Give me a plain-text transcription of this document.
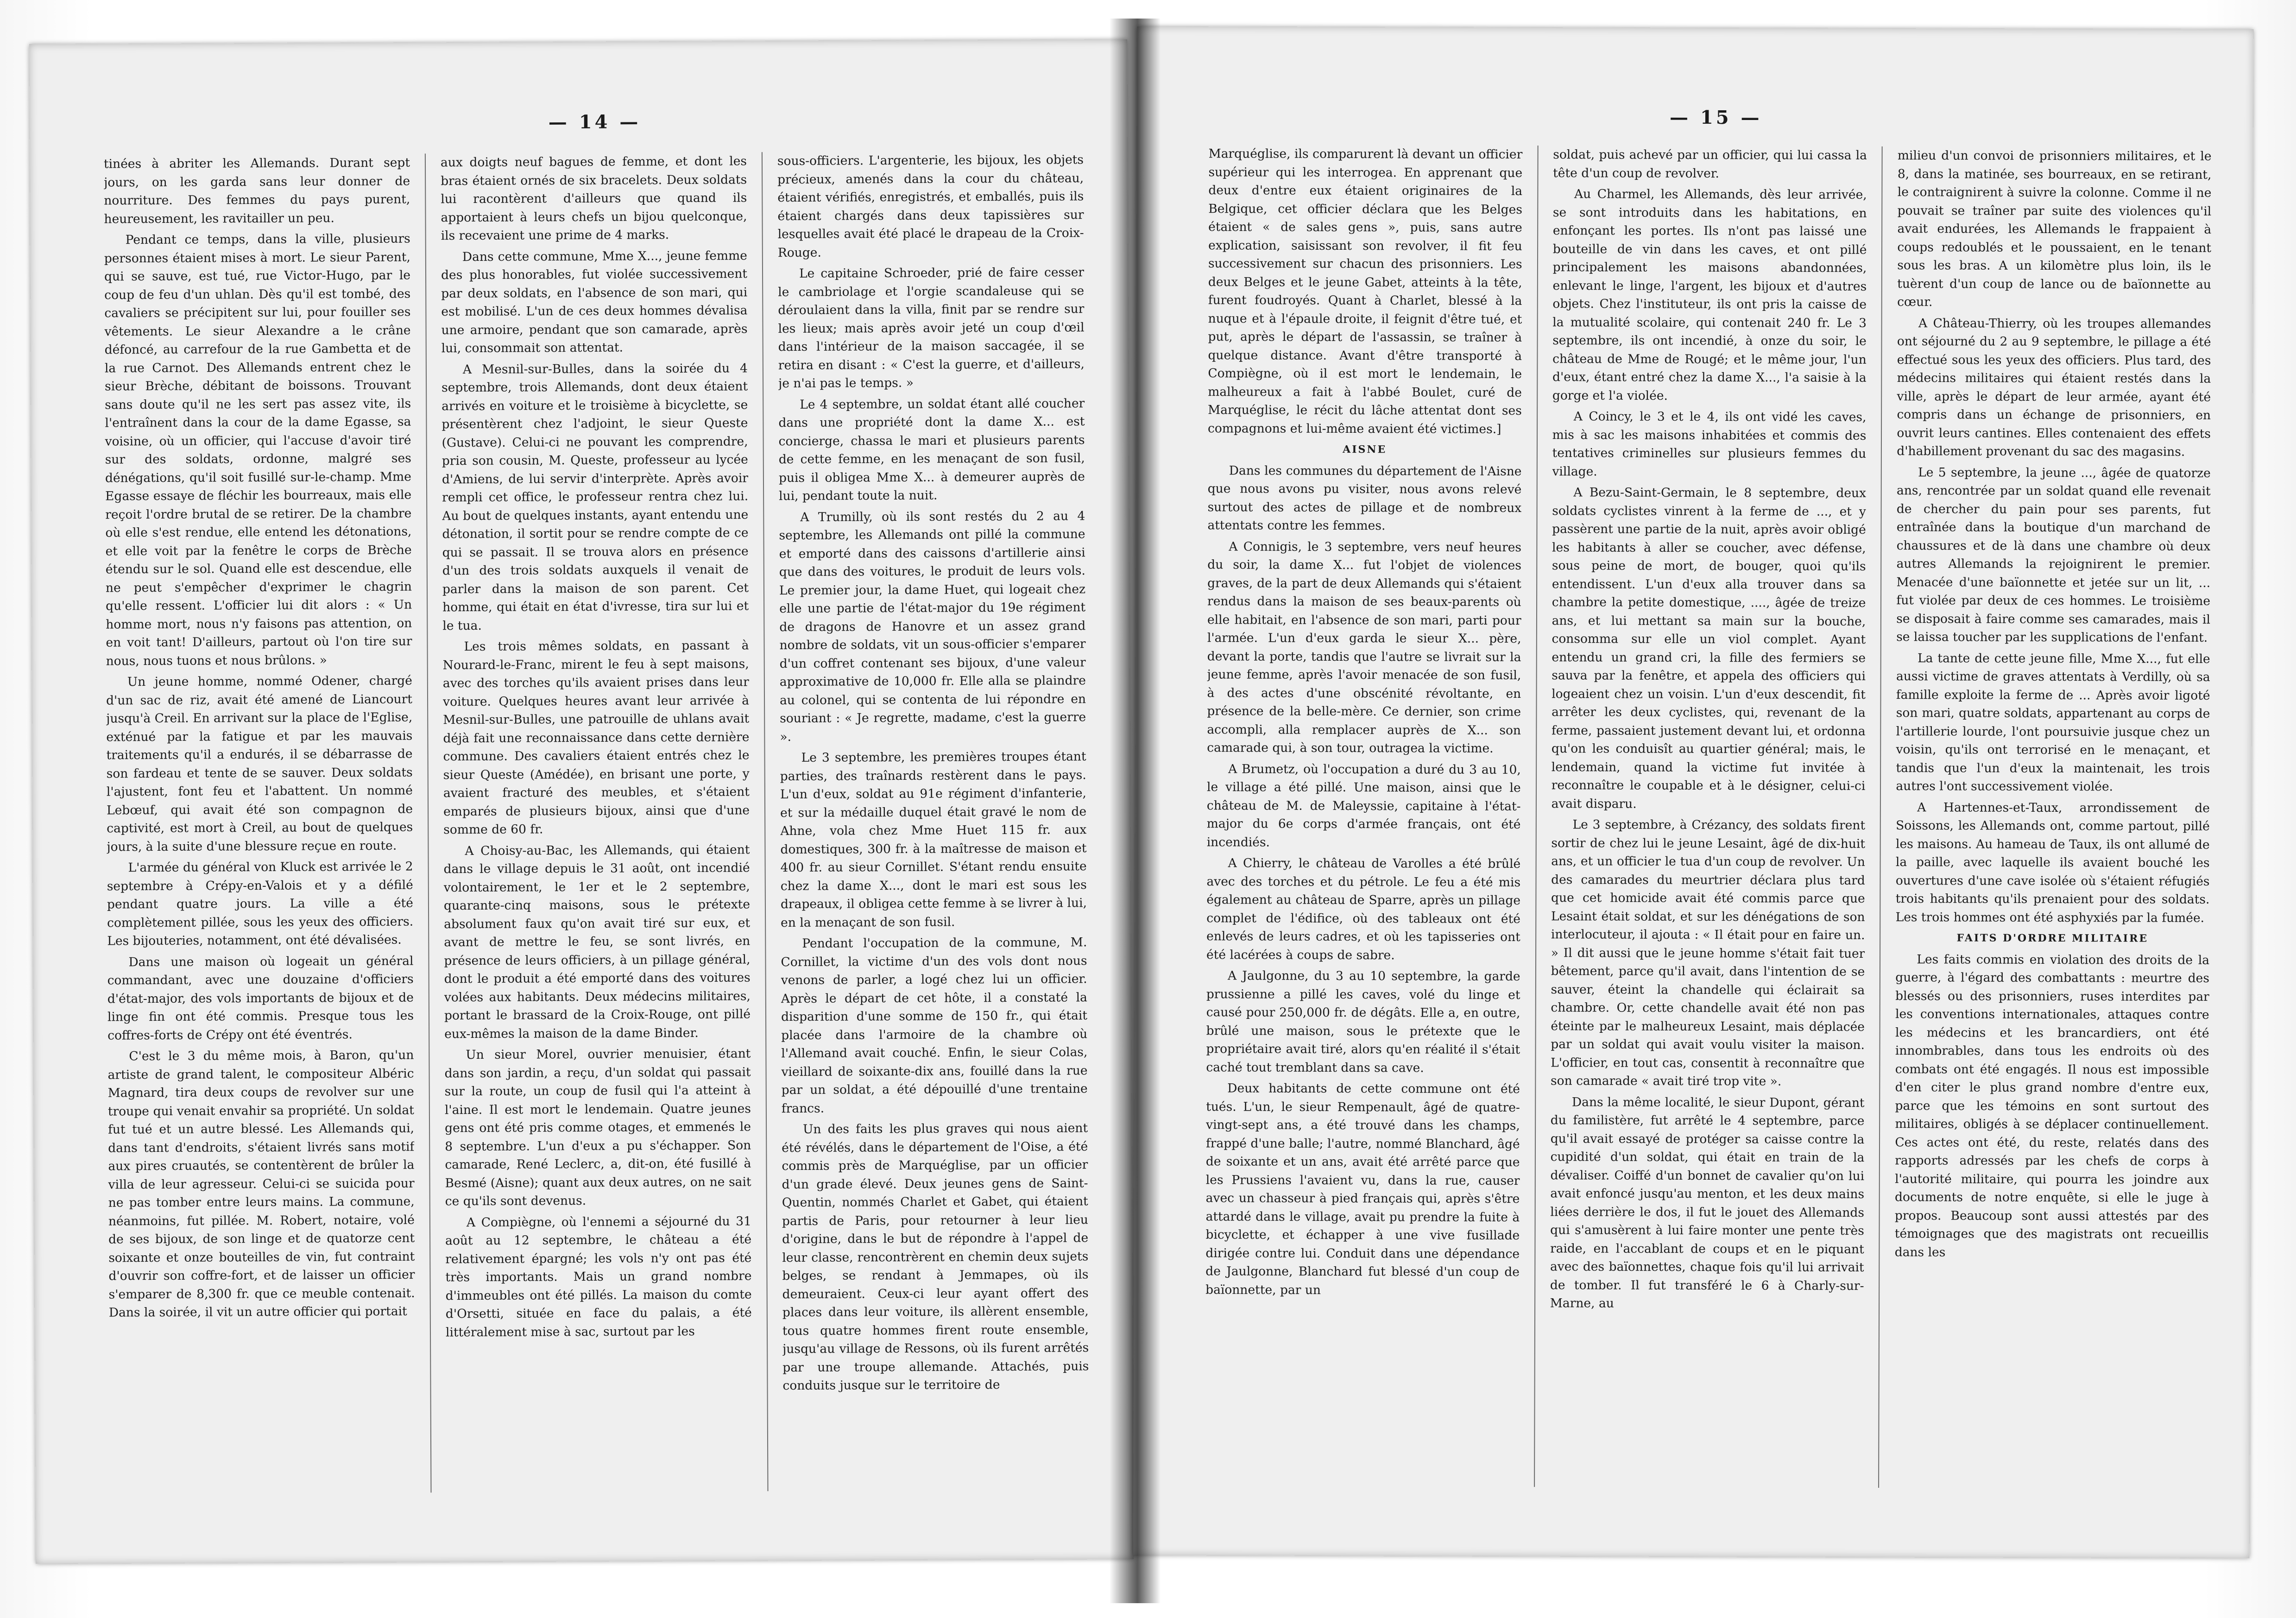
— 14 —

tinées à abriter les Allemands. Durant sept jours, on les garda sans leur donner de nourriture. Des femmes du pays purent, heureusement, les ravitailler un peu.

Pendant ce temps, dans la ville, plusieurs personnes étaient mises à mort. Le sieur Parent, qui se sauve, est tué, rue Victor-Hugo, par le coup de feu d'un uhlan. Dès qu'il est tombé, des cavaliers se précipitent sur lui, pour fouiller ses vêtements. Le sieur Alexandre a le crâne défoncé, au carrefour de la rue Gambetta et de la rue Carnot. Des Allemands entrent chez le sieur Brèche, débitant de boissons. Trouvant sans doute qu'il ne les sert pas assez vite, ils l'entraînent dans la cour de la dame Egasse, sa voisine, où un officier, qui l'accuse d'avoir tiré sur des soldats, ordonne, malgré ses dénégations, qu'il soit fusillé sur-le-champ. Mme Egasse essaye de fléchir les bourreaux, mais elle reçoit l'ordre brutal de se retirer. De la chambre où elle s'est rendue, elle entend les détonations, et elle voit par la fenêtre le corps de Brèche étendu sur le sol. Quand elle est descendue, elle ne peut s'empêcher d'exprimer le chagrin qu'elle ressent. L'officier lui dit alors : « Un homme mort, nous n'y faisons pas attention, on en voit tant! D'ailleurs, partout où l'on tire sur nous, nous tuons et nous brûlons. »

Un jeune homme, nommé Odener, chargé d'un sac de riz, avait été amené de Liancourt jusqu'à Creil. En arrivant sur la place de l'Eglise, exténué par la fatigue et par les mauvais traitements qu'il a endurés, il se débarrasse de son fardeau et tente de se sauver. Deux soldats l'ajustent, font feu et l'abattent. Un nommé Lebœuf, qui avait été son compagnon de captivité, est mort à Creil, au bout de quelques jours, à la suite d'une blessure reçue en route.

L'armée du général von Kluck est arrivée le 2 septembre à Crépy-en-Valois et y a défilé pendant quatre jours. La ville a été complètement pillée, sous les yeux des officiers. Les bijouteries, notamment, ont été dévalisées.

Dans une maison où logeait un général commandant, avec une douzaine d'officiers d'état-major, des vols importants de bijoux et de linge fin ont été commis. Presque tous les coffres-forts de Crépy ont été éventrés.

C'est le 3 du même mois, à Baron, qu'un artiste de grand talent, le compositeur Albéric Magnard, tira deux coups de revolver sur une troupe qui venait envahir sa propriété. Un soldat fut tué et un autre blessé. Les Allemands qui, dans tant d'endroits, s'étaient livrés sans motif aux pires cruautés, se contentèrent de brûler la villa de leur agresseur. Celui-ci se suicida pour ne pas tomber entre leurs mains. La commune, néanmoins, fut pillée. M. Robert, notaire, volé de ses bijoux, de son linge et de quatorze cent soixante et onze bouteilles de vin, fut contraint d'ouvrir son coffre-fort, et de laisser un officier s'emparer de 8,300 fr. que ce meuble contenait. Dans la soirée, il vit un autre officier qui portait

aux doigts neuf bagues de femme, et dont les bras étaient ornés de six bracelets. Deux soldats lui racontèrent d'ailleurs que quand ils apportaient à leurs chefs un bijou quelconque, ils recevaient une prime de 4 marks.

Dans cette commune, Mme X..., jeune femme des plus honorables, fut violée successivement par deux soldats, en l'absence de son mari, qui est mobilisé. L'un de ces deux hommes dévalisa une armoire, pendant que son camarade, après lui, consommait son attentat.

A Mesnil-sur-Bulles, dans la soirée du 4 septembre, trois Allemands, dont deux étaient arrivés en voiture et le troisième à bicyclette, se présentèrent chez l'adjoint, le sieur Queste (Gustave). Celui-ci ne pouvant les comprendre, pria son cousin, M. Queste, professeur au lycée d'Amiens, de lui servir d'interprète. Après avoir rempli cet office, le professeur rentra chez lui. Au bout de quelques instants, ayant entendu une détonation, il sortit pour se rendre compte de ce qui se passait. Il se trouva alors en présence d'un des trois soldats auxquels il venait de parler dans la maison de son parent. Cet homme, qui était en état d'ivresse, tira sur lui et le tua.

Les trois mêmes soldats, en passant à Nourard-le-Franc, mirent le feu à sept maisons, avec des torches qu'ils avaient prises dans leur voiture. Quelques heures avant leur arrivée à Mesnil-sur-Bulles, une patrouille de uhlans avait déjà fait une reconnaissance dans cette dernière commune. Des cavaliers étaient entrés chez le sieur Queste (Amédée), en brisant une porte, y avaient fracturé des meubles, et s'étaient emparés de plusieurs bijoux, ainsi que d'une somme de 60 fr.

A Choisy-au-Bac, les Allemands, qui étaient dans le village depuis le 31 août, ont incendié volontairement, le 1er et le 2 septembre, quarante-cinq maisons, sous le prétexte absolument faux qu'on avait tiré sur eux, et avant de mettre le feu, se sont livrés, en présence de leurs officiers, à un pillage général, dont le produit a été emporté dans des voitures volées aux habitants. Deux médecins militaires, portant le brassard de la Croix-Rouge, ont pillé eux-mêmes la maison de la dame Binder.

Un sieur Morel, ouvrier menuisier, étant dans son jardin, a reçu, d'un soldat qui passait sur la route, un coup de fusil qui l'a atteint à l'aine. Il est mort le lendemain. Quatre jeunes gens ont été pris comme otages, et emmenés le 8 septembre. L'un d'eux a pu s'échapper. Son camarade, René Leclerc, a, dit-on, été fusillé à Besmé (Aisne); quant aux deux autres, on ne sait ce qu'ils sont devenus.

A Compiègne, où l'ennemi a séjourné du 31 août au 12 septembre, le château a été relativement épargné; les vols n'y ont pas été très importants. Mais un grand nombre d'immeubles ont été pillés. La maison du comte d'Orsetti, située en face du palais, a été littéralement mise à sac, surtout par les

sous-officiers. L'argenterie, les bijoux, les objets précieux, amenés dans la cour du château, étaient vérifiés, enregistrés, et emballés, puis ils étaient chargés dans deux tapissières sur lesquelles avait été placé le drapeau de la Croix-Rouge.

Le capitaine Schroeder, prié de faire cesser le cambriolage et l'orgie scandaleuse qui se déroulaient dans la villa, finit par se rendre sur les lieux; mais après avoir jeté un coup d'œil dans l'intérieur de la maison saccagée, il se retira en disant : « C'est la guerre, et d'ailleurs, je n'ai pas le temps. »

Le 4 septembre, un soldat étant allé coucher dans une propriété dont la dame X... est concierge, chassa le mari et plusieurs parents de cette femme, en les menaçant de son fusil, puis il obligea Mme X... à demeurer auprès de lui, pendant toute la nuit.

A Trumilly, où ils sont restés du 2 au 4 septembre, les Allemands ont pillé la commune et emporté dans des caissons d'artillerie ainsi que dans des voitures, le produit de leurs vols. Le premier jour, la dame Huet, qui logeait chez elle une partie de l'état-major du 19e régiment de dragons de Hanovre et un assez grand nombre de soldats, vit un sous-officier s'emparer d'un coffret contenant ses bijoux, d'une valeur approximative de 10,000 fr. Elle alla se plaindre au colonel, qui se contenta de lui répondre en souriant : « Je regrette, madame, c'est la guerre ».

Le 3 septembre, les premières troupes étant parties, des traînards restèrent dans le pays. L'un d'eux, soldat au 91e régiment d'infanterie, et sur la médaille duquel était gravé le nom de Ahne, vola chez Mme Huet 115 fr. aux domestiques, 300 fr. à la maîtresse de maison et 400 fr. au sieur Cornillet. S'étant rendu ensuite chez la dame X..., dont le mari est sous les drapeaux, il obligea cette femme à se livrer à lui, en la menaçant de son fusil.

Pendant l'occupation de la commune, M. Cornillet, la victime d'un des vols dont nous venons de parler, a logé chez lui un officier. Après le départ de cet hôte, il a constaté la disparition d'une somme de 150 fr., qui était placée dans l'armoire de la chambre où l'Allemand avait couché. Enfin, le sieur Colas, vieillard de soixante-dix ans, fouillé dans la rue par un soldat, a été dépouillé d'une trentaine francs.

Un des faits les plus graves qui nous aient été révélés, dans le département de l'Oise, a été commis près de Marquéglise, par un officier d'un grade élevé. Deux jeunes gens de Saint-Quentin, nommés Charlet et Gabet, qui étaient partis de Paris, pour retourner à leur lieu d'origine, dans le but de répondre à l'appel de leur classe, rencontrèrent en chemin deux sujets belges, se rendant à Jemmapes, où ils demeuraient. Ceux-ci leur ayant offert des places dans leur voiture, ils allèrent ensemble, tous quatre hommes firent route ensemble, jusqu'au village de Ressons, où ils furent arrêtés par une troupe allemande. Attachés, puis conduits jusque sur le territoire de

— 15 —

Marquéglise, ils comparurent là devant un officier supérieur qui les interrogea. En apprenant que deux d'entre eux étaient originaires de la Belgique, cet officier déclara que les Belges étaient « de sales gens », puis, sans autre explication, saisissant son revolver, il fit feu successivement sur chacun des prisonniers. Les deux Belges et le jeune Gabet, atteints à la tête, furent foudroyés. Quant à Charlet, blessé à la nuque et à l'épaule droite, il feignit d'être tué, et put, après le départ de l'assassin, se traîner à quelque distance. Avant d'être transporté à Compiègne, où il est mort le lendemain, le malheureux a fait à l'abbé Boulet, curé de Marquéglise, le récit du lâche attentat dont ses compagnons et lui-même avaient été victimes.]

AISNE

Dans les communes du département de l'Aisne que nous avons pu visiter, nous avons relevé surtout des actes de pillage et de nombreux attentats contre les femmes.

A Connigis, le 3 septembre, vers neuf heures du soir, la dame X... fut l'objet de violences graves, de la part de deux Allemands qui s'étaient rendus dans la maison de ses beaux-parents où elle habitait, en l'absence de son mari, parti pour l'armée. L'un d'eux garda le sieur X... père, devant la porte, tandis que l'autre se livrait sur la jeune femme, après l'avoir menacée de son fusil, à des actes d'une obscénité révoltante, en présence de la belle-mère. Ce dernier, son crime accompli, alla remplacer auprès de X... son camarade qui, à son tour, outragea la victime.

A Brumetz, où l'occupation a duré du 3 au 10, le village a été pillé. Une maison, ainsi que le château de M. de Maleyssie, capitaine à l'état-major du 6e corps d'armée français, ont été incendiés.

A Chierry, le château de Varolles a été brûlé avec des torches et du pétrole. Le feu a été mis également au château de Sparre, après un pillage complet de l'édifice, où des tableaux ont été enlevés de leurs cadres, et où les tapisseries ont été lacérées à coups de sabre.

A Jaulgonne, du 3 au 10 septembre, la garde prussienne a pillé les caves, volé du linge et causé pour 250,000 fr. de dégâts. Elle a, en outre, brûlé une maison, sous le prétexte que le propriétaire avait tiré, alors qu'en réalité il s'était caché tout tremblant dans sa cave.

Deux habitants de cette commune ont été tués. L'un, le sieur Rempenault, âgé de quatre-vingt-sept ans, a été trouvé dans les champs, frappé d'une balle; l'autre, nommé Blanchard, âgé de soixante et un ans, avait été arrêté parce que les Prussiens l'avaient vu, dans la rue, causer avec un chasseur à pied français qui, après s'être attardé dans le village, avait pu prendre la fuite à bicyclette, et échapper à une vive fusillade dirigée contre lui. Conduit dans une dépendance de Jaulgonne, Blanchard fut blessé d'un coup de baïonnette, par un

soldat, puis achevé par un officier, qui lui cassa la tête d'un coup de revolver.

Au Charmel, les Allemands, dès leur arrivée, se sont introduits dans les habitations, en enfonçant les portes. Ils n'ont pas laissé une bouteille de vin dans les caves, et ont pillé principalement les maisons abandonnées, enlevant le linge, l'argent, les bijoux et d'autres objets. Chez l'instituteur, ils ont pris la caisse de la mutualité scolaire, qui contenait 240 fr. Le 3 septembre, ils ont incendié, à onze du soir, le château de Mme de Rougé; et le même jour, l'un d'eux, étant entré chez la dame X..., l'a saisie à la gorge et l'a violée.

A Coincy, le 3 et le 4, ils ont vidé les caves, mis à sac les maisons inhabitées et commis des tentatives criminelles sur plusieurs femmes du village.

A Bezu-Saint-Germain, le 8 septembre, deux soldats cyclistes vinrent à la ferme de ..., et y passèrent une partie de la nuit, après avoir obligé les habitants à aller se coucher, avec défense, sous peine de mort, de bouger, quoi qu'ils entendissent. L'un d'eux alla trouver dans sa chambre la petite domestique, ...., âgée de treize ans, et lui mettant sa main sur la bouche, consomma sur elle un viol complet. Ayant entendu un grand cri, la fille des fermiers se sauva par la fenêtre, et appela des officiers qui logeaient chez un voisin. L'un d'eux descendit, fit arrêter les deux cyclistes, qui, revenant de la ferme, passaient justement devant lui, et ordonna qu'on les conduisît au quartier général; mais, le lendemain, quand la victime fut invitée à reconnaître le coupable et à le désigner, celui-ci avait disparu.

Le 3 septembre, à Crézancy, des soldats firent sortir de chez lui le jeune Lesaint, âgé de dix-huit ans, et un officier le tua d'un coup de revolver. Un des camarades du meurtrier déclara plus tard que cet homicide avait été commis parce que Lesaint était soldat, et sur les dénégations de son interlocuteur, il ajouta : « Il était pour en faire un. » Il dit aussi que le jeune homme s'était fait tuer bêtement, parce qu'il avait, dans l'intention de se sauver, éteint la chandelle qui éclairait sa chambre. Or, cette chandelle avait été non pas éteinte par le malheureux Lesaint, mais déplacée par un soldat qui avait voulu visiter la maison. L'officier, en tout cas, consentit à reconnaître que son camarade « avait tiré trop vite ».

Dans la même localité, le sieur Dupont, gérant du familistère, fut arrêté le 4 septembre, parce qu'il avait essayé de protéger sa caisse contre la cupidité d'un soldat, qui était en train de la dévaliser. Coiffé d'un bonnet de cavalier qu'on lui avait enfoncé jusqu'au menton, et les deux mains liées derrière le dos, il fut le jouet des Allemands qui s'amusèrent à lui faire monter une pente très raide, en l'accablant de coups et en le piquant avec des baïonnettes, chaque fois qu'il lui arrivait de tomber. Il fut transféré le 6 à Charly-sur-Marne, au

milieu d'un convoi de prisonniers militaires, et le 8, dans la matinée, ses bourreaux, en se retirant, le contraignirent à suivre la colonne. Comme il ne pouvait se traîner par suite des violences qu'il avait endurées, les Allemands le frappaient à coups redoublés et le poussaient, en le tenant sous les bras. A un kilomètre plus loin, ils le tuèrent d'un coup de lance ou de baïonnette au cœur.

A Château-Thierry, où les troupes allemandes ont séjourné du 2 au 9 septembre, le pillage a été effectué sous les yeux des officiers. Plus tard, des médecins militaires qui étaient restés dans la ville, après le départ de leur armée, ayant été compris dans un échange de prisonniers, en ouvrit leurs cantines. Elles contenaient des effets d'habillement provenant du sac des magasins.

Le 5 septembre, la jeune ..., âgée de quatorze ans, rencontrée par un soldat quand elle revenait de chercher du pain pour ses parents, fut entraînée dans la boutique d'un marchand de chaussures et de là dans une chambre où deux autres Allemands la rejoignirent le premier. Menacée d'une baïonnette et jetée sur un lit, ... fut violée par deux de ces hommes. Le troisième se disposait à faire comme ses camarades, mais il se laissa toucher par les supplications de l'enfant.

La tante de cette jeune fille, Mme X..., fut elle aussi victime de graves attentats à Verdilly, où sa famille exploite la ferme de ... Après avoir ligoté son mari, quatre soldats, appartenant au corps de l'artillerie lourde, l'ont poursuivie jusque chez un voisin, qu'ils ont terrorisé en le menaçant, et tandis que l'un d'eux la maintenait, les trois autres l'ont successivement violée.

A Hartennes-et-Taux, arrondissement de Soissons, les Allemands ont, comme partout, pillé les maisons. Au hameau de Taux, ils ont allumé de la paille, avec laquelle ils avaient bouché les ouvertures d'une cave isolée où s'étaient réfugiés trois habitants qu'ils prenaient pour des soldats. Les trois hommes ont été asphyxiés par la fumée.

FAITS D'ORDRE MILITAIRE

Les faits commis en violation des droits de la guerre, à l'égard des combattants : meurtre des blessés ou des prisonniers, ruses interdites par les conventions internationales, attaques contre les médecins et les brancardiers, ont été innombrables, dans tous les endroits où des combats ont été engagés. Il nous est impossible d'en citer le plus grand nombre d'entre eux, parce que les témoins en sont surtout des militaires, obligés à se déplacer continuellement. Ces actes ont été, du reste, relatés dans des rapports adressés par les chefs de corps à l'autorité militaire, qui pourra les joindre aux documents de notre enquête, si elle le juge à propos. Beaucoup sont aussi attestés par des témoignages que des magistrats ont recueillis dans les
